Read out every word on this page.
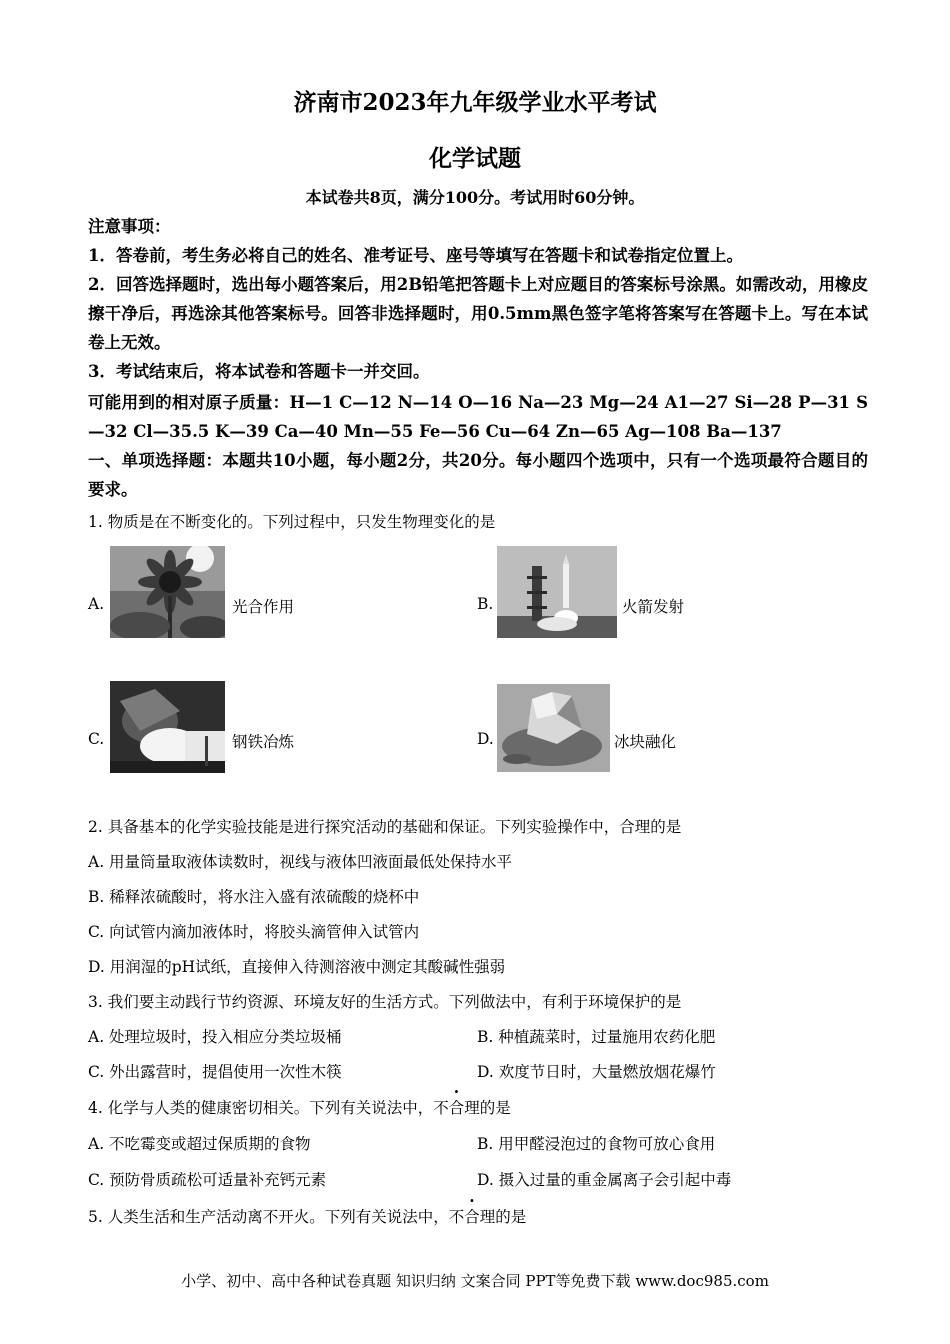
济南市2023年九年级学业水平考试
化学试题
本试卷共8页，满分100分。考试用时60分钟。
注意事项：
1．答卷前，考生务必将自己的姓名、准考证号、座号等填写在答题卡和试卷指定位置上。
2．回答选择题时，选出每小题答案后，用2B铅笔把答题卡上对应题目的答案标号涂黑。如需改动，用橡皮擦干净后，再选涂其他答案标号。回答非选择题时，用0.5mm黑色签字笔将答案写在答题卡上。写在本试卷上无效。
3．考试结束后，将本试卷和答题卡一并交回。
可能用到的相对原子质量：H—1 C—12 N—14 O—16 Na—23 Mg—24 A1—27 Si—28 P—31 S—32 Cl—35.5 K—39 Ca—40 Mn—55 Fe—56 Cu—64 Zn—65 Ag—108 Ba—137
一、单项选择题：本题共10小题，每小题2分，共20分。每小题四个选项中，只有一个选项最符合题目的要求。
1. 物质是在不断变化的。下列过程中，只发生物理变化的是
A.	光合作用	B.	火箭发射
C.	钢铁冶炼	D.	冰块融化
2. 具备基本的化学实验技能是进行探究活动的基础和保证。下列实验操作中，合理的是
A. 用量筒量取液体读数时，视线与液体凹液面最低处保持水平
B. 稀释浓硫酸时，将水注入盛有浓硫酸的烧杯中
C. 向试管内滴加液体时，将胶头滴管伸入试管内
D. 用润湿的pH试纸，直接伸入待测溶液中测定其酸碱性强弱
3. 我们要主动践行节约资源、环境友好的生活方式。下列做法中，有利于环境保护的是
A. 处理垃圾时，投入相应分类垃圾桶	B. 种植蔬菜时，过量施用农药化肥
C. 外出露营时，提倡使用一次性木筷	D. 欢度节日时，大量燃放烟花爆竹
4. 化学与人类的健康密切相关。下列有关说法中，不合理的是
A. 不吃霉变或超过保质期的食物	B. 用甲醛浸泡过的食物可放心食用
C. 预防骨质疏松可适量补充钙元素	D. 摄入过量的重金属离子会引起中毒
5. 人类生活和生产活动离不开火。下列有关说法中，不合理的是
小学、初中、高中各种试卷真题 知识归纳 文案合同 PPT等免费下载 www.doc985.com
